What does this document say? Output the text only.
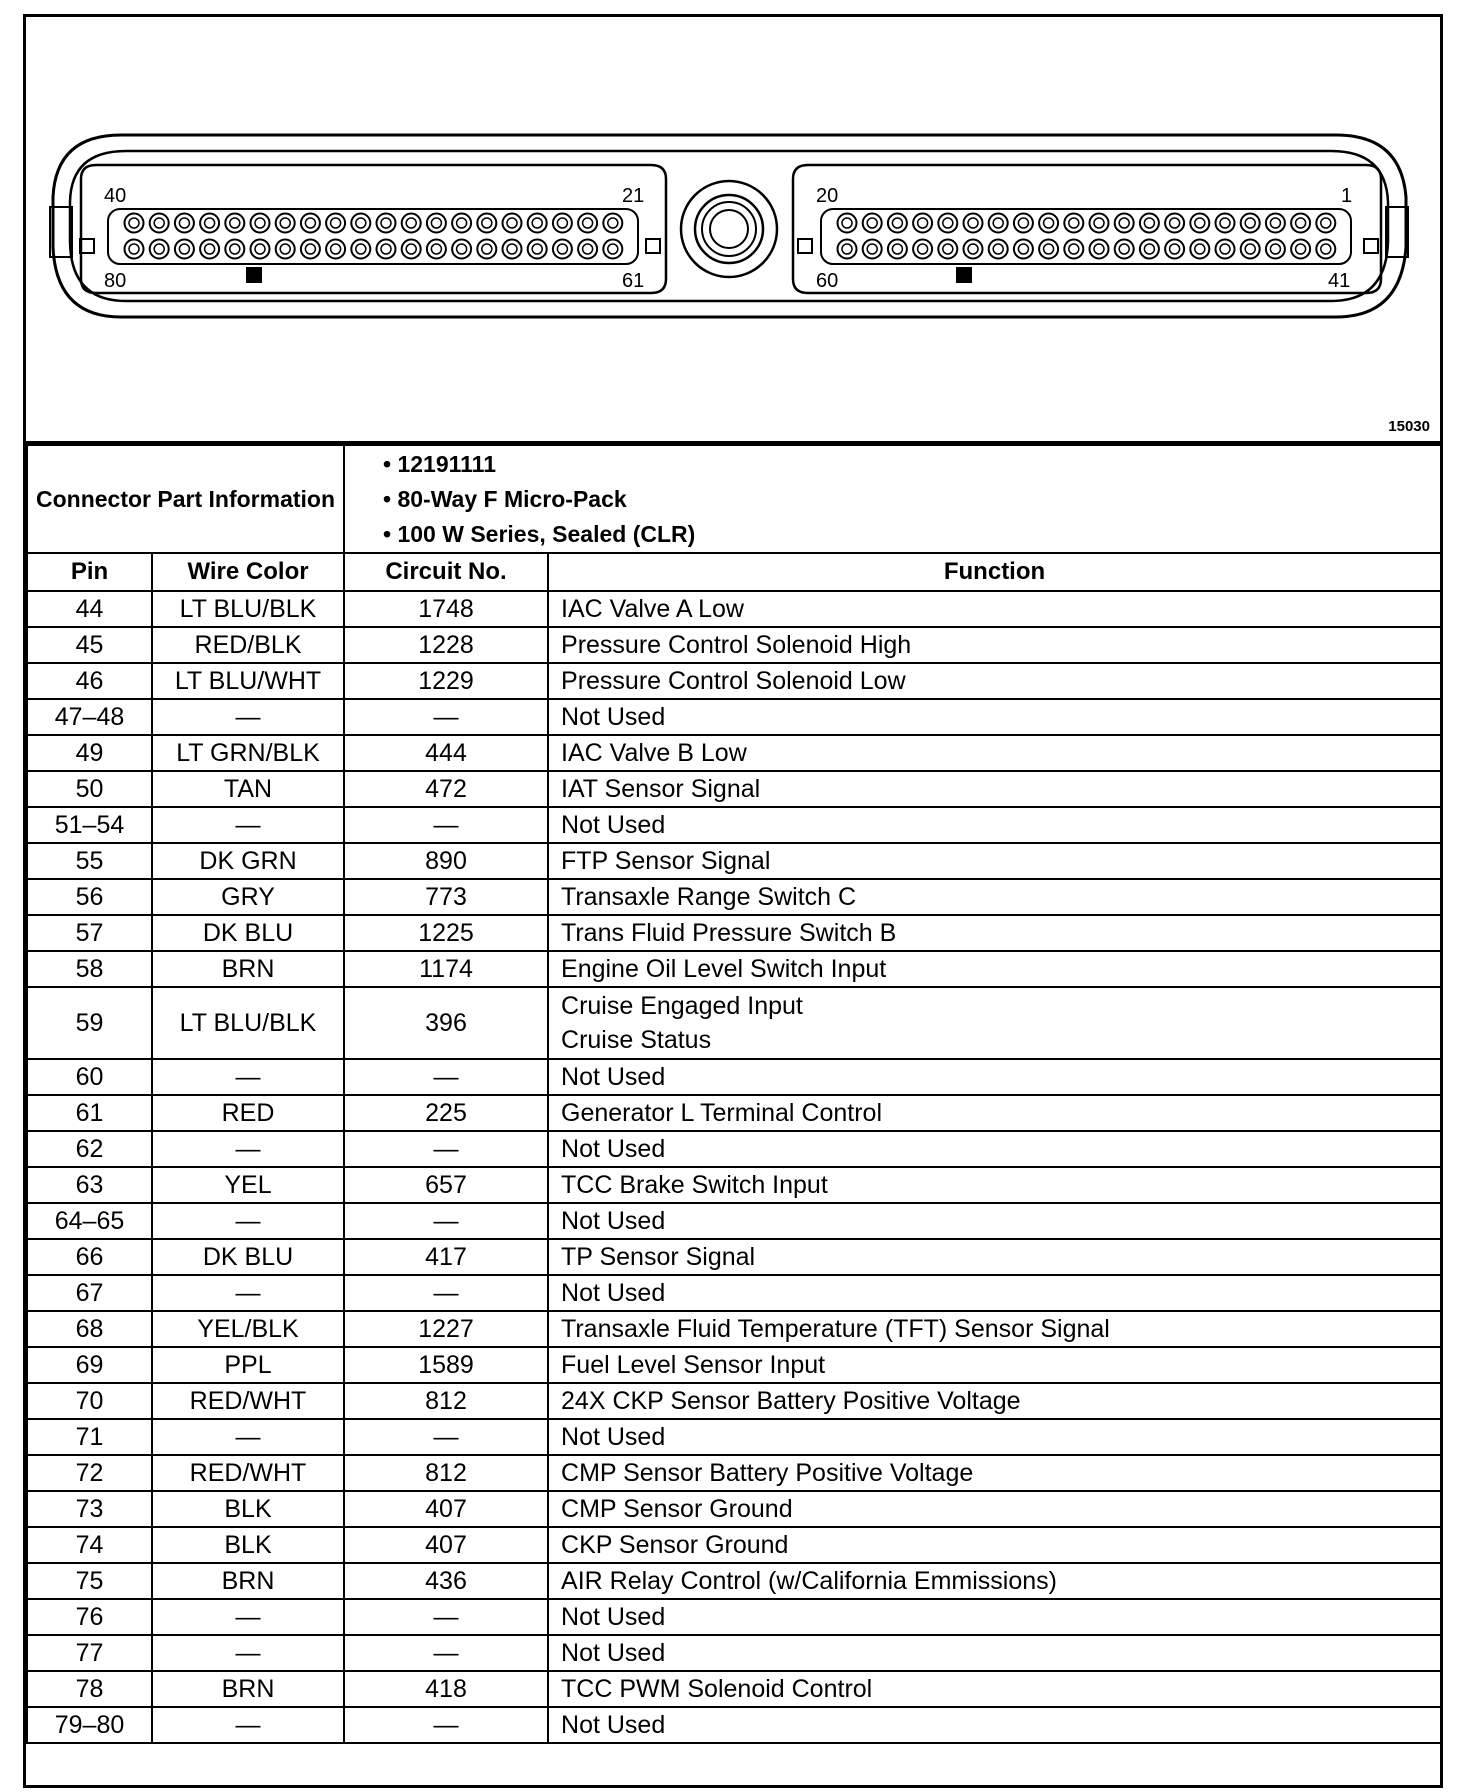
40	21
80	61
20	1
60	41
15030
Connector Part Information		• 12191111
• 80-Way F Micro-Pack
• 100 W Series, Sealed (CLR)	

Pin	Wire Color	Circuit No.	Function
44	LT BLU/BLK	1748	IAC Valve A Low

45	RED/BLK	1228	Pressure Control Solenoid High

46	LT BLU/WHT	1229	Pressure Control Solenoid Low

47–48	—	—	Not Used

49	LT GRN/BLK	444	IAC Valve B Low

50	TAN	472	IAT Sensor Signal

51–54	—	—	Not Used

55	DK GRN	890	FTP Sensor Signal

56	GRY	773	Transaxle Range Switch C

57	DK BLU	1225	Trans Fluid Pressure Switch B

58	BRN	1174	Engine Oil Level Switch Input

59	LT BLU/BLK	396	Cruise Engaged Input
Cruise Status

60	—	—	Not Used

61	RED	225	Generator L Terminal Control

62	—	—	Not Used

63	YEL	657	TCC Brake Switch Input

64–65	—	—	Not Used

66	DK BLU	417	TP Sensor Signal

67	—	—	Not Used

68	YEL/BLK	1227	Transaxle Fluid Temperature (TFT) Sensor Signal

69	PPL	1589	Fuel Level Sensor Input

70	RED/WHT	812	24X CKP Sensor Battery Positive Voltage

71	—	—	Not Used

72	RED/WHT	812	CMP Sensor Battery Positive Voltage

73	BLK	407	CMP Sensor Ground

74	BLK	407	CKP Sensor Ground

75	BRN	436	AIR Relay Control (w/California Emmissions)

76	—	—	Not Used

77	—	—	Not Used

78	BRN	418	TCC PWM Solenoid Control

79–80	—	—	Not Used
